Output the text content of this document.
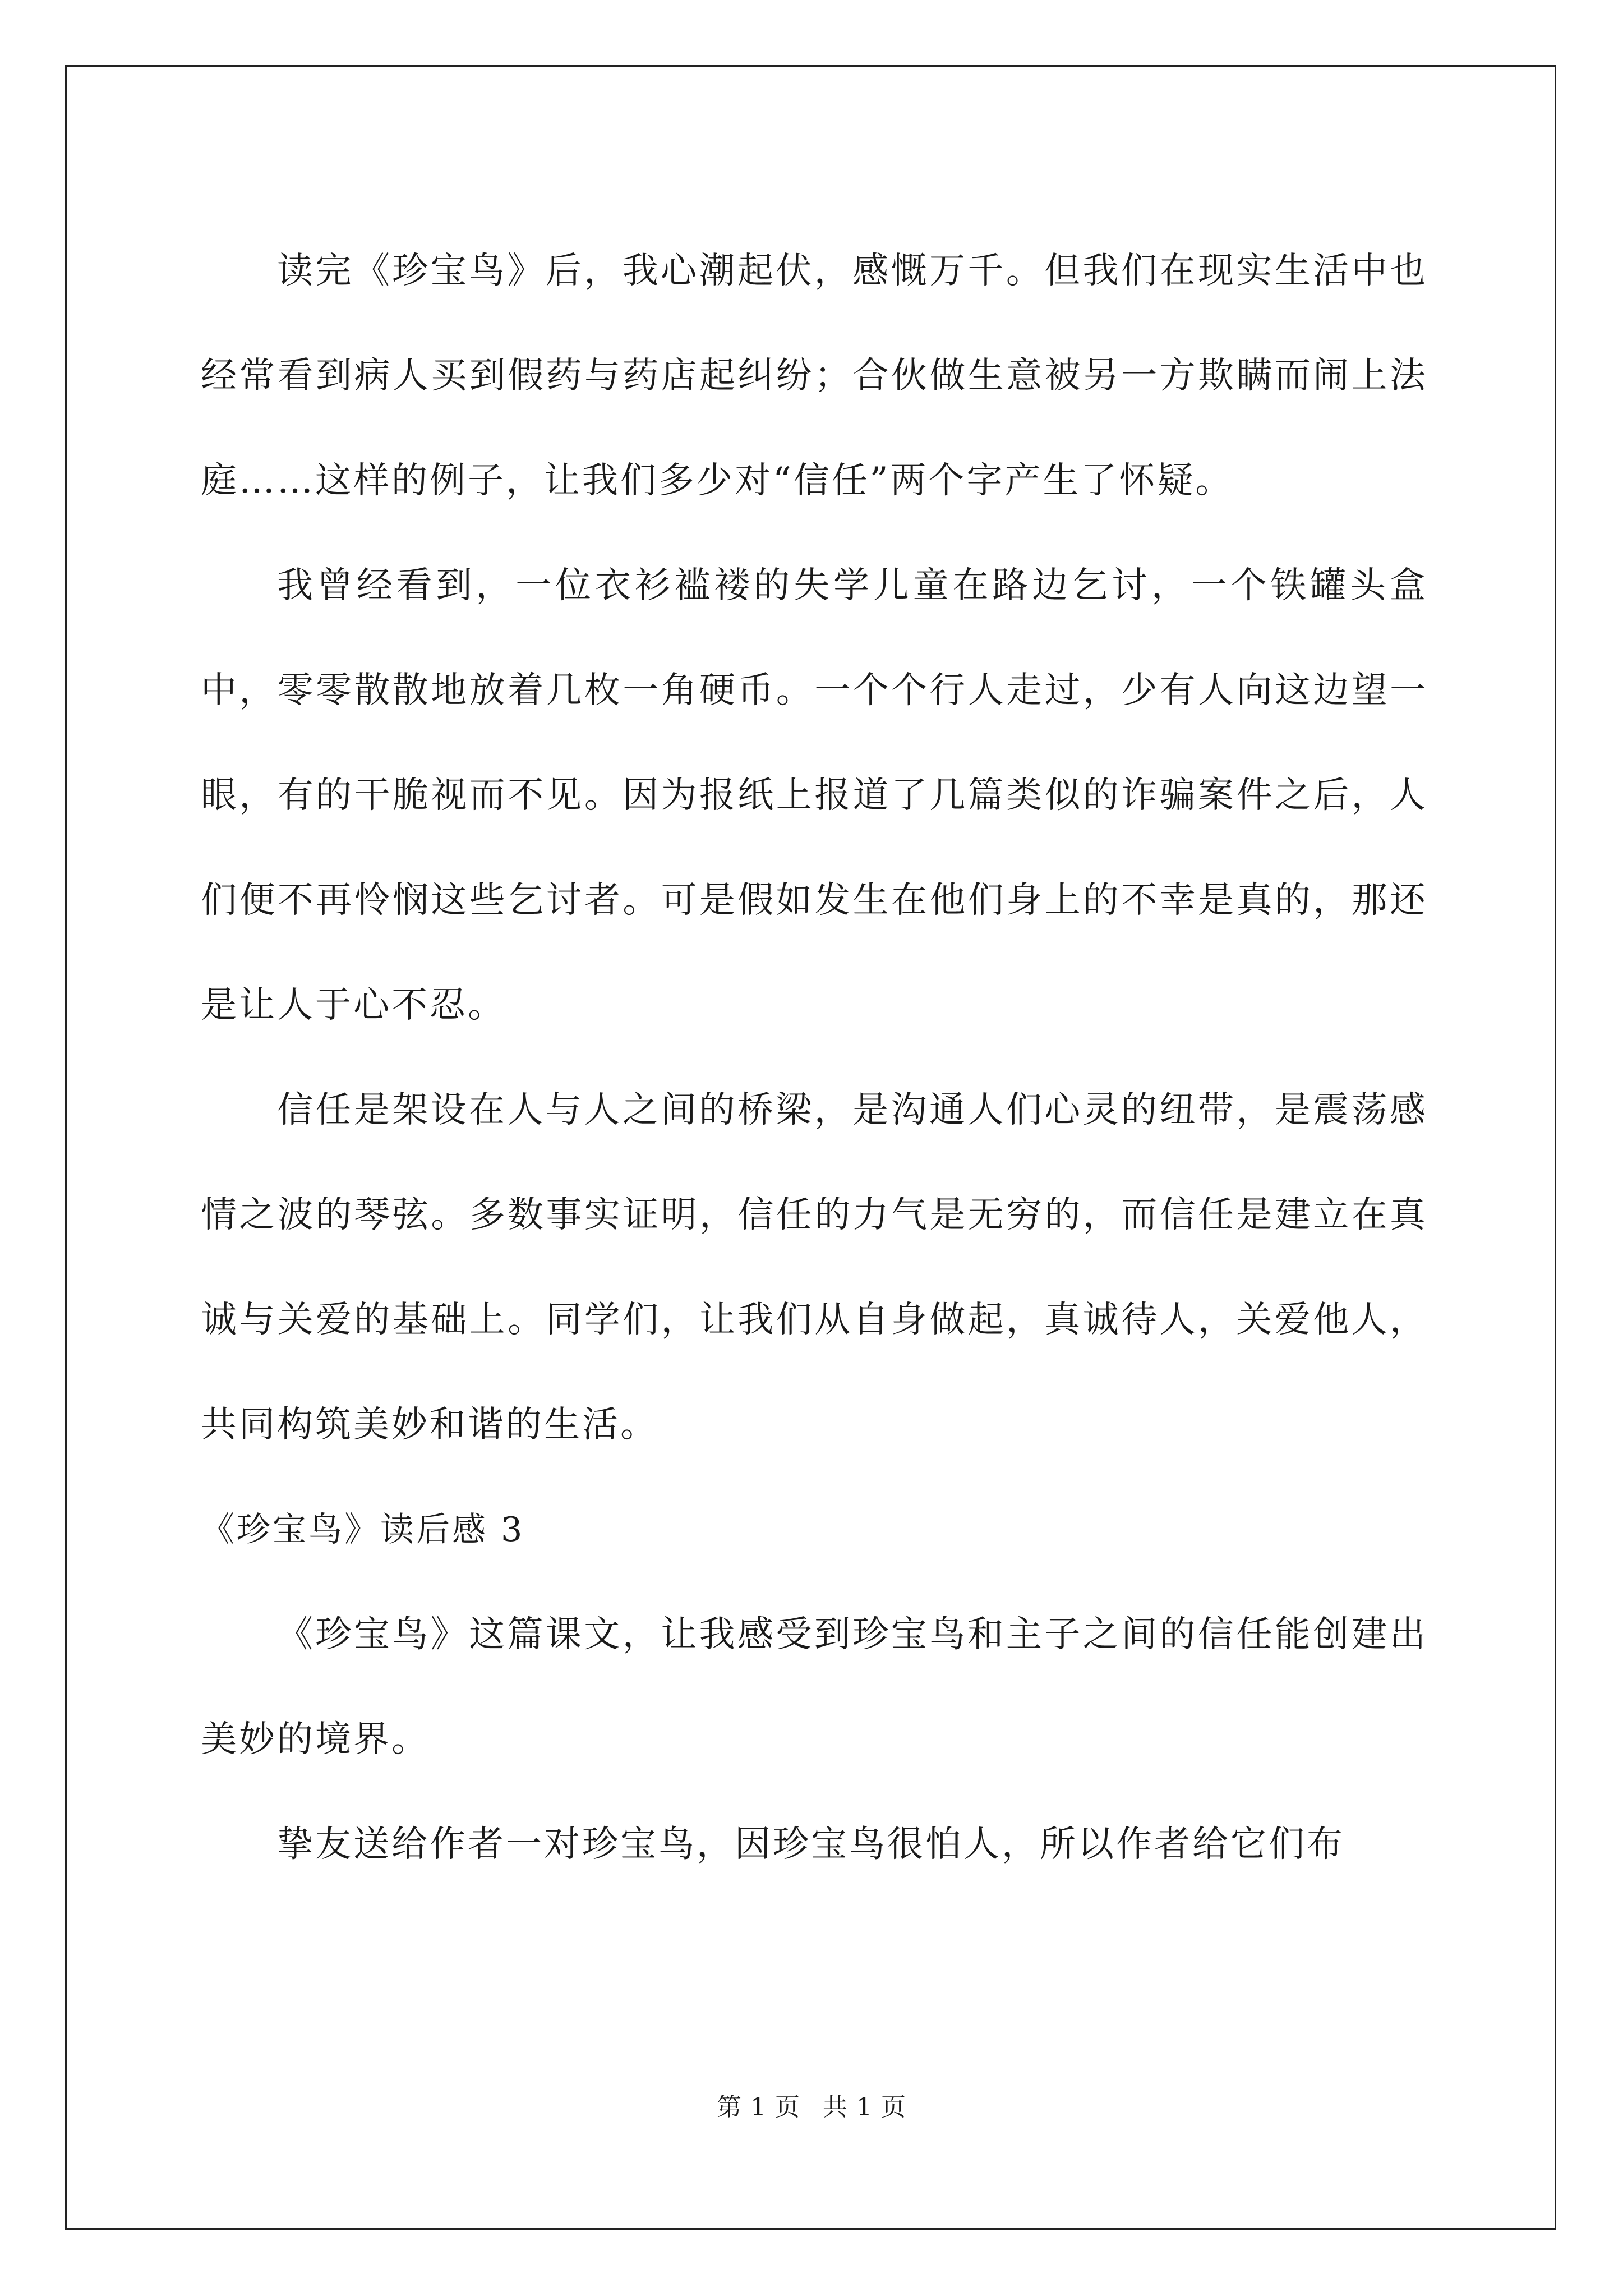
读完《珍宝鸟》后，我心潮起伏，感慨万千。但我们在现实生活中也经常看到病人买到假药与药店起纠纷；合伙做生意被另一方欺瞒而闹上法庭……这样的例子，让我们多少对“信任”两个字产生了怀疑。

我曾经看到，一位衣衫褴褛的失学儿童在路边乞讨，一个铁罐头盒中，零零散散地放着几枚一角硬币。一个个行人走过，少有人向这边望一眼，有的干脆视而不见。因为报纸上报道了几篇类似的诈骗案件之后，人们便不再怜悯这些乞讨者。可是假如发生在他们身上的不幸是真的，那还是让人于心不忍。

信任是架设在人与人之间的桥梁，是沟通人们心灵的纽带，是震荡感情之波的琴弦。多数事实证明，信任的力气是无穷的，而信任是建立在真诚与关爱的基础上。同学们，让我们从自身做起，真诚待人，关爱他人，共同构筑美妙和谐的生活。

《珍宝鸟》读后感 3

《珍宝鸟》这篇课文，让我感受到珍宝鸟和主子之间的信任能创建出美妙的境界。

挚友送给作者一对珍宝鸟，因珍宝鸟很怕人，所以作者给它们布

第 1 页 共 1 页
